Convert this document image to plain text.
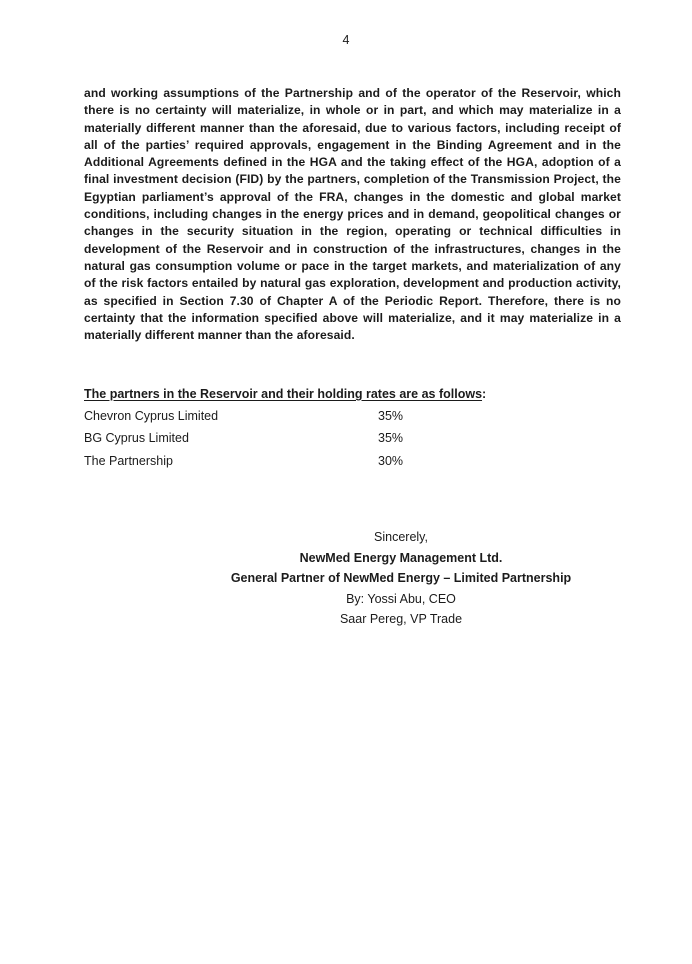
4

and working assumptions of the Partnership and of the operator of the Reservoir, which there is no certainty will materialize, in whole or in part, and which may materialize in a materially different manner than the aforesaid, due to various factors, including receipt of all of the parties’ required approvals, engagement in the Binding Agreement and in the Additional Agreements defined in the HGA and the taking effect of the HGA, adoption of a final investment decision (FID) by the partners, completion of the Transmission Project, the Egyptian parliament’s approval of the FRA, changes in the domestic and global market conditions, including changes in the energy prices and in demand, geopolitical changes or changes in the security situation in the region, operating or technical difficulties in development of the Reservoir and in construction of the infrastructures, changes in the natural gas consumption volume or pace in the target markets, and materialization of any of the risk factors entailed by natural gas exploration, development and production activity, as specified in Section 7.30 of Chapter A of the Periodic Report. Therefore, there is no certainty that the information specified above will materialize, and it may materialize in a materially different manner than the aforesaid.

The partners in the Reservoir and their holding rates are as follows:
Chevron Cyprus Limited	35%
BG Cyprus Limited	35%
The Partnership	30%
Sincerely,
NewMed Energy Management Ltd.
General Partner of NewMed Energy – Limited Partnership
By: Yossi Abu, CEO
Saar Pereg, VP Trade
